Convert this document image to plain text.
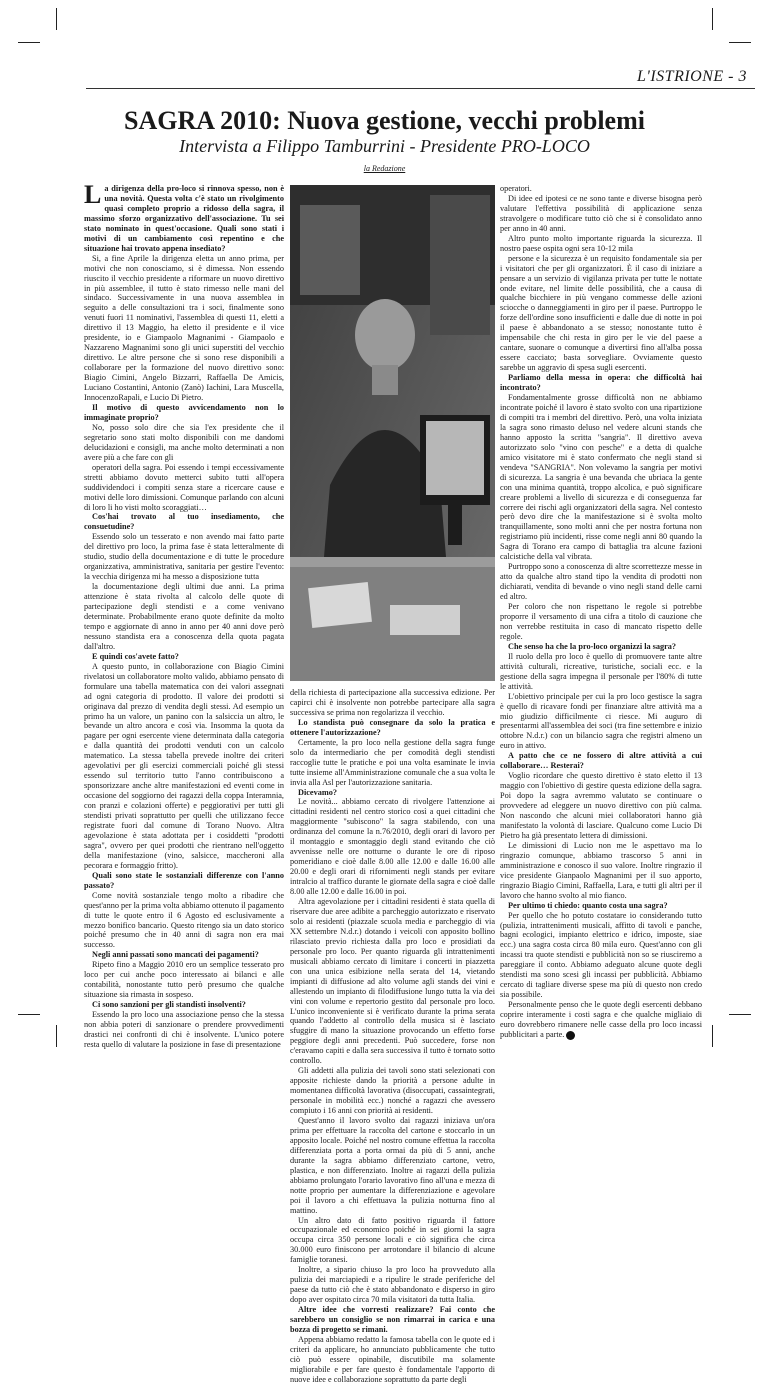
L'ISTRIONE - 3
SAGRA 2010: Nuova gestione, vecchi problemi
Intervista a Filippo Tamburrini - Presidente PRO-LOCO
la Redazione

La dirigenza della pro-loco si rinnova spesso, non è una novità. Questa volta c'è stato un rivolgimento quasi completo proprio a ridosso della sagra, il massimo sforzo organizzativo dell'associazione. Tu sei stato nominato in quest'occasione. Quali sono stati i motivi di un cambiamento così repentino e che situazione hai trovato appena insediato?

Si, a fine Aprile la dirigenza eletta un anno prima, per motivi che non conosciamo, si è dimessa. Non essendo riuscito il vecchio presidente a riformare un nuovo direttivo in più assemblee, il tutto è stato rimesso nelle mani del sindaco. Successivamente in una nuova assemblea in seguito a delle consultazioni tra i soci, finalmente sono venuti fuori 11 nominativi, l'assemblea di questi 11, eletti a direttivo il 13 Maggio, ha eletto il presidente e il vice presidente, io e Giampaolo Magnanimi - Giampaolo e Nazzareno Magnanimi sono gli unici superstiti del vecchio direttivo. Le altre persone che si sono rese disponibili a collaborare per la formazione del nuovo direttivo sono: Biagio Cimini, Angelo Bizzarri, Raffaella De Amicis, Luciano Costantini, Antonio (Zanò) Iachini, Lara Muscella, InnocenzoRapali, e Lucio Di Pietro.

Il motivo di questo avvicendamento non lo immaginate proprio?

No, posso solo dire che sia l'ex presidente che il segretario sono stati molto disponibili con me dandomi delucidazioni e consigli, ma anche molto determinati a non avere più a che fare con gli

operatori della sagra. Poi essendo i tempi eccessivamente stretti abbiamo dovuto metterci subito tutti all'opera suddividendoci i compiti senza stare a ricercare cause e motivi delle loro dimissioni. Comunque parlando con alcuni di loro li ho visti molto scoraggiati…

Cos'hai trovato al tuo insediamento, che consuetudine?

Essendo solo un tesserato e non avendo mai fatto parte del direttivo pro loco, la prima fase è stata letteralmente di studio, studio della documentazione e di tutte le procedure organizzativa, amministrativa, sanitaria per gestire l'evento: la vecchia dirigenza mi ha messo a disposizione tutta

la documentazione degli ultimi due anni. La prima attenzione è stata rivolta al calcolo delle quote di partecipazione degli stendisti e a come venivano determinate. Probabilmente erano quote definite da molto tempo e aggiornate di anno in anno per 40 anni dove però nessuno standista era a conoscenza della quota pagata dall'altro.

E quindi cos'avete fatto?

A questo punto, in collaborazione con Biagio Cimini rivelatosi un collaboratore molto valido, abbiamo pensato di formulare una tabella matematica con dei valori assegnati ad ogni categoria di prodotto. Il valore dei prodotti si originava dal prezzo di vendita degli stessi. Ad esempio un primo ha un valore, un panino con la salsiccia un altro, le bevande un altro ancora e così via. Insomma la quota da pagare per ogni esercente viene determinata dalla categoria e dalla quantità dei prodotti venduti con un calcolo matematico. La stessa tabella prevede inoltre dei criteri agevolativi per gli esercizi commerciali poiché gli stessi essendo sul territorio tutto l'anno contribuiscono a sponsorizzare anche altre manifestazioni ed eventi come in occasione del soggiorno dei ragazzi della coppa Interamnia, con pranzi e colazioni offerte) e peggiorativi per tutti gli stendisti privati soprattutto per quelli che utilizzano fecce registrate fuori dal comune di Torano Nuovo. Altra agevolazione è stata adottata per i cosiddetti "prodotti sagra", ovvero per quei prodotti che rientrano nell'oggetto della manifestazione (vino, salsicce, maccheroni alla pecorara e formaggio fritto).

Quali sono state le sostanziali differenze con l'anno passato?

Come novità sostanziale tengo molto a ribadire che quest'anno per la prima volta abbiamo ottenuto il pagamento di tutte le quote entro il 6 Agosto ed esclusivamente a mezzo bonifico bancario. Questo ritengo sia un dato storico poiché presumo che in 40 anni di sagra non era mai successo.

Negli anni passati sono mancati dei pagamenti?

Ripeto fino a Maggio 2010 ero un semplice tesserato pro loco per cui anche poco interessato ai bilanci e alle contabilità, nonostante tutto però presumo che qualche situazione sia rimasta in sospeso.

Ci sono sanzioni per gli standisti insolventi?

Essendo la pro loco una associazione penso che la stessa non abbia poteri di sanzionare o prendere provvedimenti drastici nei confronti di chi è insolvente. L'unico potere resta quello di valutare la posizione in fase di presentazione

della richiesta di partecipazione alla successiva edizione. Per capirci chi è insolvente non potrebbe partecipare alla sagra successiva se prima non regolarizza il vecchio.

Lo standista può consegnare da solo la pratica e ottenere l'autorizzazione?

Certamente, la pro loco nella gestione della sagra funge solo da intermediario che per comodità degli stendisti raccoglie tutte le pratiche e poi una volta esaminate le invia tutte insieme all'Amministrazione comunale che a sua volta le invia alla Asl per l'autorizzazione sanitaria.

Dicevamo?

Le novità... abbiamo cercato di rivolgere l'attenzione ai cittadini residenti nel centro storico così a quei cittadini che maggiormente "subiscono" la sagra stabilendo, con una ordinanza del comune la n.76/2010, degli orari di lavoro per il montaggio e smontaggio degli stand evitando che ciò avvenisse nelle ore notturne o durante le ore di riposo pomeridiano e cioè dalle 8.00 alle 12.00 e dalle 16.00 alle 20.00 e degli orari di rifornimenti negli stands per evitare intralcio al traffico durante le giornate della sagra e cioè dalle 8.00 alle 12.00 e dalle 16.00 in poi.

Altra agevolazione per i cittadini residenti è stata quella di riservare due aree adibite a parcheggio autorizzato e riservato solo ai residenti (piazzale scuola media e parcheggio di via XX settembre N.d.r.) dotando i veicoli con apposito bollino rilasciato previo richiesta dalla pro loco e prosidiati da personale pro loco. Per quanto riguarda gli intrattenimenti musicali abbiamo cercato di limitare i concerti in piazzetta con una unica esibizione nella serata del 14, vietando impianti di diffusione ad alto volume agli stands dei vini e allestendo un impianto di filodiffusione lungo tutta la via dei vini con volume e repertorio gestito dal personale pro loco. L'unico inconveniente si è verificato durante la prima serata quando l'addetto al controllo della musica si è lasciato sfuggire di mano la situazione provocando un effetto forse peggiore degli anni precedenti. Può succedere, forse non c'eravamo capiti e dalla sera successiva il tutto è tornato sotto controllo.

Gli addetti alla pulizia dei tavoli sono stati selezionati con apposite richieste dando la priorità a persone adulte in momentanea difficoltà lavorativa (disoccupati, cassaintegrati, personale in mobilità ecc.) nonché a ragazzi che avessero compiuto i 16 anni con priorità ai residenti.

Quest'anno il lavoro svolto dai ragazzi iniziava un'ora prima per effettuare la raccolta del cartone e stoccarlo in un apposito locale. Poiché nel nostro comune effettua la raccolta differenziata porta a porta ormai da più di 5 anni, anche durante la sagra abbiamo differenziato cartone, vetro, plastica, e non differenziato. Inoltre ai ragazzi della pulizia abbiamo prolungato l'orario lavorativo fino all'una e mezza di notte proprio per aumentare la differenziazione e agevolare poi il lavoro a chi effettuava la pulizia notturna fino al mattino.

Un altro dato di fatto positivo riguarda il fattore occupazionale ed economico poiché in sei giorni la sagra occupa circa 350 persone locali e ciò significa che circa 30.000 euro finiscono per arrotondare il bilancio di alcune famiglie toranesi.

Inoltre, a sipario chiuso la pro loco ha provveduto alla pulizia dei marciapiedi e a ripulire le strade periferiche del paese da tutto ciò che è stato abbandonato e disperso in giro dopo aver ospitato circa 70 mila visitatori da tutta Italia.

Altre idee che vorresti realizzare? Fai conto che sarebbero un consiglio se non rimarrai in carica e una bozza di progetto se rimani.

Appena abbiamo redatto la famosa tabella con le quote ed i criteri da applicare, ho annunciato pubblicamente che tutto ciò può essere opinabile, discutibile ma solamente migliorabile e per fare questo è fondamentale l'apporto di nuove idee e collaborazione soprattutto da parte degli

operatori.

Di idee ed ipotesi ce ne sono tante e diverse bisogna però valutare l'effettiva possibilità di applicazione senza stravolgere o modificare tutto ciò che si è consolidato anno per anno in 40 anni.

Altro punto molto importante riguarda la sicurezza. Il nostro paese ospita ogni sera 10-12 mila

persone e la sicurezza è un requisito fondamentale sia per i visitatori che per gli organizzatori. È il caso di iniziare a pensare a un servizio di vigilanza privata per tutte le nottate onde evitare, nel limite delle possibilità, che a causa di qualche bicchiere in più vengano commesse delle azioni sciocche o danneggiamenti in giro per il paese. Purtroppo le forze dell'ordine sono insufficienti e dalle due di notte in poi il paese è abbandonato a se stesso; nonostante tutto è impensabile che chi resta in giro per le vie del paese a cantare, suonare o comunque a divertirsi fino all'alba possa essere cacciato; basta sorvegliare. Ovviamente questo sarebbe un aggravio di spesa sugli esercenti.

Parliamo della messa in opera: che difficoltà hai incontrato?

Fondamentalmente grosse difficoltà non ne abbiamo incontrate poiché il lavoro è stato svolto con una ripartizione di compiti tra i membri del direttivo. Però, una volta iniziata la sagra sono rimasto deluso nel vedere alcuni stands che hanno apposto la scritta "sangria". Il direttivo aveva autorizzato solo "vino con pesche" e a detta di qualche amico visitatore mi è stato confermato che negli stand si vendeva "SANGRIA". Non volevamo la sangria per motivi di sicurezza. La sangria è una bevanda che ubriaca la gente con una minima quantità, troppo alcolica, e può significare creare problemi a livello di sicurezza e di conseguenza far correre dei rischi agli organizzatori della sagra. Nel contesto però devo dire che la manifestazione si è svolta molto tranquillamente, sono molti anni che per nostra fortuna non registriamo più incidenti, risse come negli anni 80 quando la Sagra di Torano era campo di battaglia tra alcune fazioni calcistiche della val vibrata.

Purtroppo sono a conoscenza di altre scorrettezze messe in atto da qualche altro stand tipo la vendita di prodotti non dichiarati, vendita di bevande o vino negli stand delle carni ed altro.

Per coloro che non rispettano le regole si potrebbe proporre il versamento di una cifra a titolo di cauzione che non verrebbe restituita in caso di mancato rispetto delle regole.

Che senso ha che la pro-loco organizzi la sagra?

Il ruolo della pro loco è quello di promuovere tante altre attività culturali, ricreative, turistiche, sociali ecc. e la gestione della sagra impegna il personale per l'80% di tutte le attività.

L'obiettivo principale per cui la pro loco gestisce la sagra è quello di ricavare fondi per finanziare altre attività ma a mio giudizio difficilmente ci riesce. Mi auguro di presentarmi all'assemblea dei soci (tra fine settembre e inizio ottobre N.d.r.) con un bilancio sagra che registri almeno un euro in attivo.

A patto che ce ne fossero di altre attività a cui collaborare… Resterai?

Voglio ricordare che questo direttivo è stato eletto il 13 maggio con l'obiettivo di gestire questa edizione della sagra. Poi dopo la sagra avremmo valutato se continuare o provvedere ad eleggere un nuovo direttivo con più calma. Non nascondo che alcuni miei collaboratori hanno già manifestato la volontà di lasciare. Qualcuno come Lucio Di Pietro ha già presentato lettera di dimissioni.

Le dimissioni di Lucio non me le aspettavo ma lo ringrazio comunque, abbiamo trascorso 5 anni in amministrazione e conosco il suo valore. Inoltre ringrazio il vice presidente Gianpaolo Magnanimi per il suo apporto, ringrazio Biagio Cimini, Raffaella, Lara, e tutti gli altri per il lavoro che hanno svolto al mio fianco.

Per ultimo ti chiedo: quanto costa una sagra?

Per quello che ho potuto costatare io considerando tutto (pulizia, intrattenimenti musicali, affitto di tavoli e panche, bagni ecologici, impianto elettrico e idrico, imposte, siae ecc.) una sagra costa circa 80 mila euro. Quest'anno con gli incassi tra quote stendisti e pubblicità non so se riusciremo a pareggiare il conto. Abbiamo adeguato alcune quote degli stendisti ma sono scesi gli incassi per pubblicità. Abbiamo cercato di tagliare diverse spese ma più di questo non credo sia possibile.

Personalmente penso che le quote degli esercenti debbano coprire interamente i costi sagra e che qualche migliaio di euro dovrebbero rimanere nelle casse della pro loco incassi pubblicitari a parte.
